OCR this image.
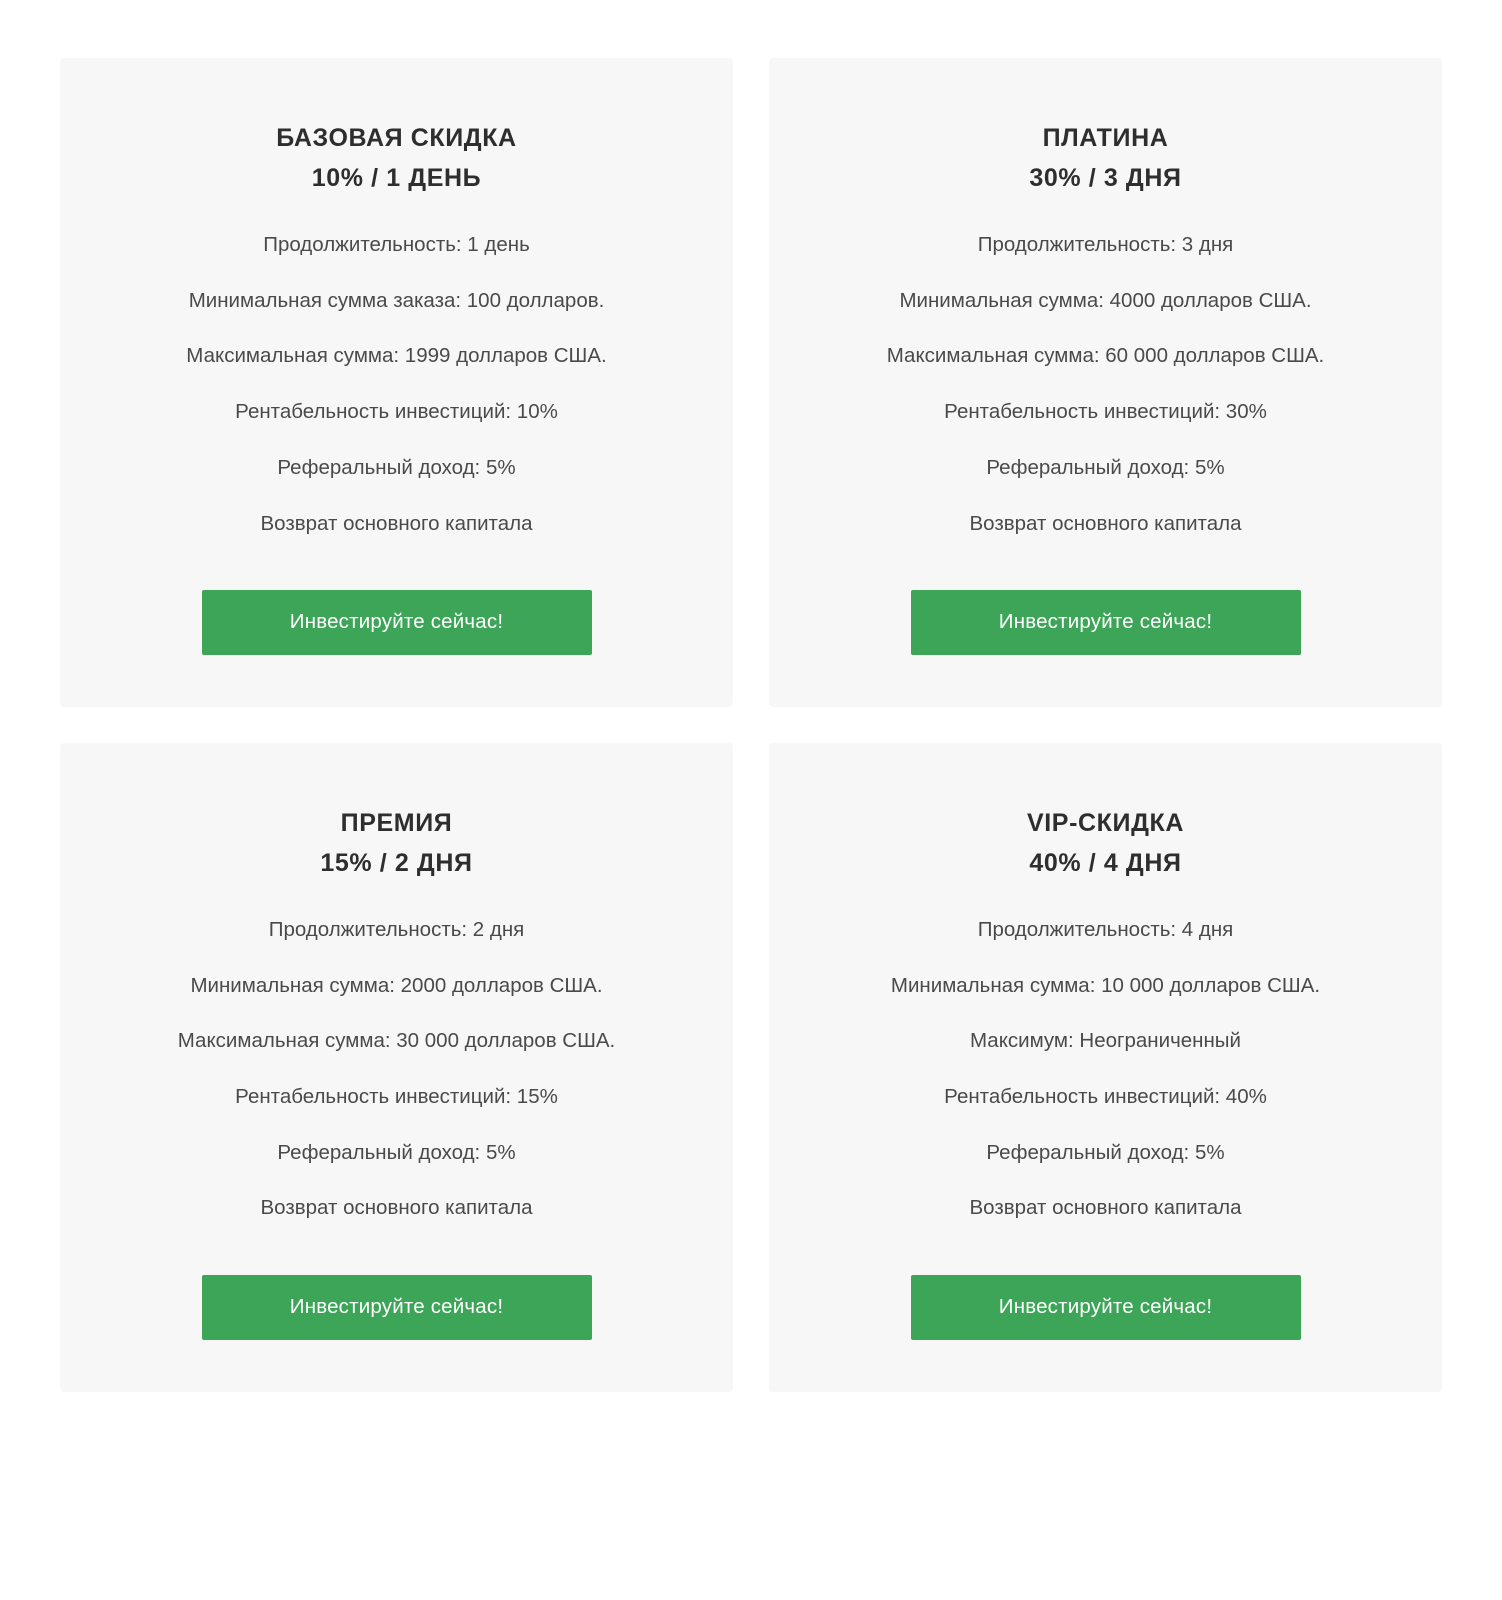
БАЗОВАЯ СКИДКА
10% / 1 ДЕНЬ
Продолжительность: 1 день
Минимальная сумма заказа: 100 долларов.
Максимальная сумма: 1999 долларов США.
Рентабельность инвестиций: 10%
Реферальный доход: 5%
Возврат основного капитала
Инвестируйте сейчас!
ПЛАТИНА
30% / 3 ДНЯ
Продолжительность: 3 дня
Минимальная сумма: 4000 долларов США.
Максимальная сумма: 60 000 долларов США.
Рентабельность инвестиций: 30%
Реферальный доход: 5%
Возврат основного капитала
Инвестируйте сейчас!
ПРЕМИЯ
15% / 2 ДНЯ
Продолжительность: 2 дня
Минимальная сумма: 2000 долларов США.
Максимальная сумма: 30 000 долларов США.
Рентабельность инвестиций: 15%
Реферальный доход: 5%
Возврат основного капитала
Инвестируйте сейчас!
VIP-СКИДКА
40% / 4 ДНЯ
Продолжительность: 4 дня
Минимальная сумма: 10 000 долларов США.
Максимум: Неограниченный
Рентабельность инвестиций: 40%
Реферальный доход: 5%
Возврат основного капитала
Инвестируйте сейчас!
